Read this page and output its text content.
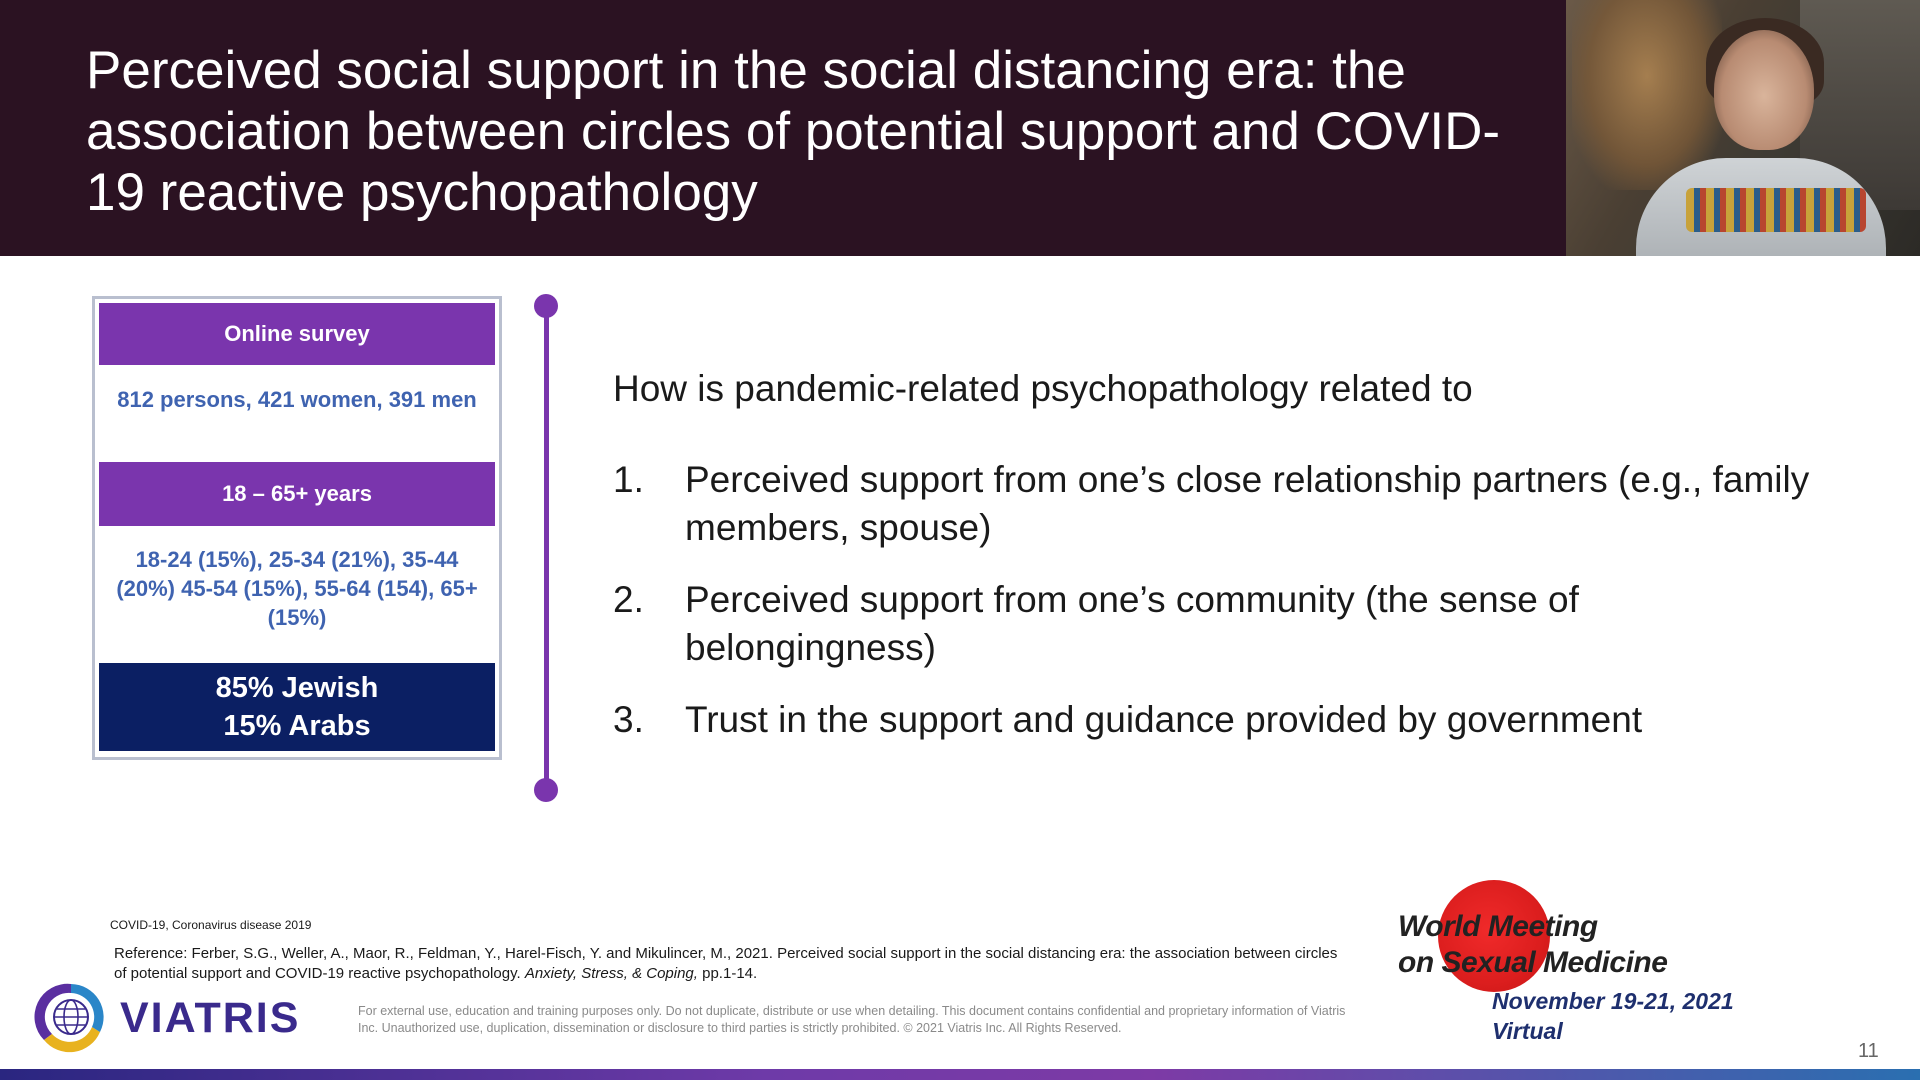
Perceived social support in the social distancing era: the association between circles of potential support and COVID-19 reactive psychopathology
Online survey
812 persons, 421 women, 391 men
18 – 65+ years
18-24 (15%), 25-34 (21%), 35-44 (20%) 45-54 (15%), 55-64 (154), 65+ (15%)
85% Jewish
15% Arabs
How is pandemic-related psychopathology related to
1. Perceived support from one’s close relationship partners (e.g., family members, spouse)
2. Perceived support from one’s community (the sense of belongingness)
3. Trust in the support and guidance provided by government
COVID-19, Coronavirus disease 2019
Reference: Ferber, S.G., Weller, A., Maor, R., Feldman, Y., Harel-Fisch, Y. and Mikulincer, M., 2021. Perceived social support in the social distancing era: the association between circles of potential support and COVID-19 reactive psychopathology. Anxiety, Stress, & Coping, pp.1-14.
For external use, education and training purposes only. Do not duplicate, distribute or use when detailing. This document contains confidential and proprietary information of Viatris Inc. Unauthorized use, duplication, dissemination or disclosure to third parties is strictly prohibited. © 2021 Viatris Inc. All Rights Reserved.
VIATRIS
World Meeting
on Sexual Medicine
November 19-21, 2021
Virtual
11
